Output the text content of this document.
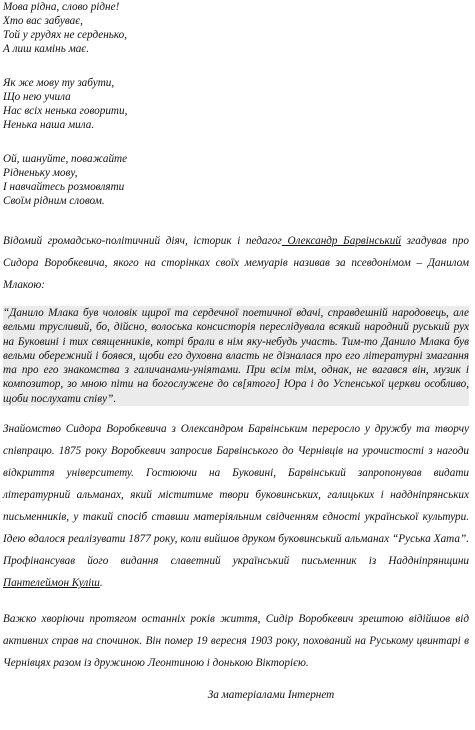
Мова рідна, слово рідне!
Хто вас забуває,
Той у грудях не серденько,
А лиш камінь має.
Як же мову ту забути,
Що нею учила
Нас всіх ненька говорити,
Ненька наша мила.
Ой, шануйте, поважайте
Рідненьку мову,
І навчайтесь розмовляти
Своїм рідним словом.
Відомий громадсько-політичний діяч, історик і педагог Олександр Барвінський згадував про Сидора Воробкевича, якого на сторінках своїх мемуарів називав за псевдонімом – Данилом Млакою:
“Данило Млака був чоловік щирої та сердечної поетичної вдачі, справдешній народовець, але вельми трусливий, бо, дійсно, волоська консисторія переслідувала всякий народний руський рух на Буковині і тих священників, котрі брали в нім яку-небудь участь. Тим-то Данило Млака був вельми обережний і боявся, щоби его духовна власть не дізналася про его літературні змагання та про его знакомства з галичанами-уніятами. При всім тім, однак, не вагався він, музик і композитор, зо мною піти на богослужене до св[ятого] Юра і до Успенської церкви особливо, щоби послухати співу”.
Знайомство Сидора Воробкевича з Олександром Барвінським переросло у дружбу та творчу співпрацю. 1875 року Воробкевич запросив Барвінського до Чернівців на урочистості з нагоди відкриття університету. Гостюючи на Буковині, Барвінський запропонував видати літературний альманах, який міститиме твори буковинських, галицьких і наддніпрянських письменників, у такий спосіб ставши матеріяльним свідченням єдності української культури. Ідею вдалося реалізувати 1877 року, коли вийшов друком буковинський альманах “Руська Хата”. Профінансував його видання славетний український письменник із Наддніпрянщини Пантелеймон Куліш.
Важко хворіючи протягом останніх років життя, Сидір Воробкевич зрештою відійшов від активних справ на спочинок. Він помер 19 вересня 1903 року, похований на Руському цвинтарі в Чернівцях разом із дружиною Леонтиною і донькою Вікторією.
За матеріалами Інтернет
